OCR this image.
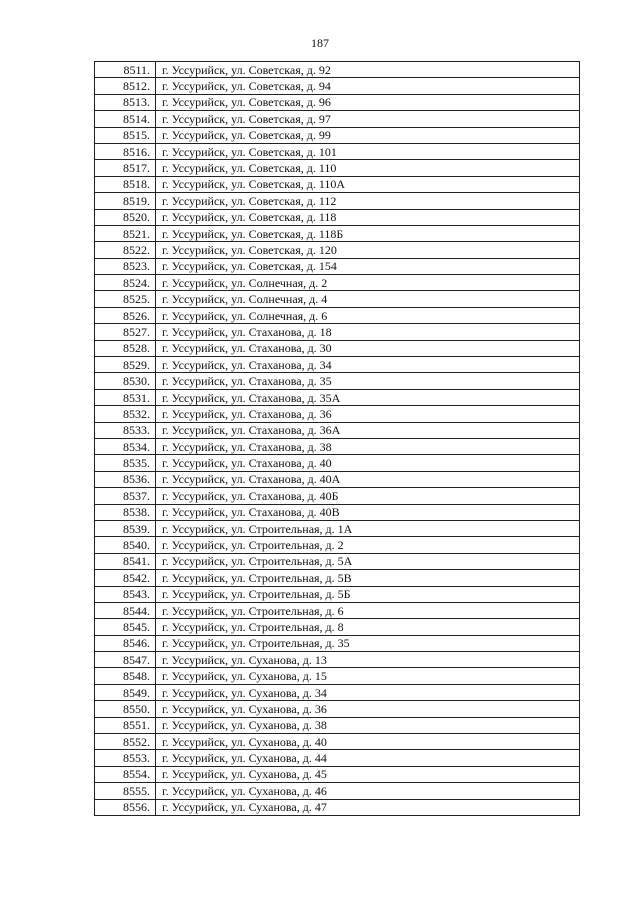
187
8511.	г. Уссурийск, ул. Советская, д. 92
8512.	г. Уссурийск, ул. Советская, д. 94
8513.	г. Уссурийск, ул. Советская, д. 96
8514.	г. Уссурийск, ул. Советская, д. 97
8515.	г. Уссурийск, ул. Советская, д. 99
8516.	г. Уссурийск, ул. Советская, д. 101
8517.	г. Уссурийск, ул. Советская, д. 110
8518.	г. Уссурийск, ул. Советская, д. 110А
8519.	г. Уссурийск, ул. Советская, д. 112
8520.	г. Уссурийск, ул. Советская, д. 118
8521.	г. Уссурийск, ул. Советская, д. 118Б
8522.	г. Уссурийск, ул. Советская, д. 120
8523.	г. Уссурийск, ул. Советская, д. 154
8524.	г. Уссурийск, ул. Солнечная, д. 2
8525.	г. Уссурийск, ул. Солнечная, д. 4
8526.	г. Уссурийск, ул. Солнечная, д. 6
8527.	г. Уссурийск, ул. Стаханова, д. 18
8528.	г. Уссурийск, ул. Стаханова, д. 30
8529.	г. Уссурийск, ул. Стаханова, д. 34
8530.	г. Уссурийск, ул. Стаханова, д. 35
8531.	г. Уссурийск, ул. Стаханова, д. 35А
8532.	г. Уссурийск, ул. Стаханова, д. 36
8533.	г. Уссурийск, ул. Стаханова, д. 36А
8534.	г. Уссурийск, ул. Стаханова, д. 38
8535.	г. Уссурийск, ул. Стаханова, д. 40
8536.	г. Уссурийск, ул. Стаханова, д. 40А
8537.	г. Уссурийск, ул. Стаханова, д. 40Б
8538.	г. Уссурийск, ул. Стаханова, д. 40В
8539.	г. Уссурийск, ул. Строительная, д. 1А
8540.	г. Уссурийск, ул. Строительная, д. 2
8541.	г. Уссурийск, ул. Строительная, д. 5А
8542.	г. Уссурийск, ул. Строительная, д. 5В
8543.	г. Уссурийск, ул. Строительная, д. 5Б
8544.	г. Уссурийск, ул. Строительная, д. 6
8545.	г. Уссурийск, ул. Строительная, д. 8
8546.	г. Уссурийск, ул. Строительная, д. 35
8547.	г. Уссурийск, ул. Суханова, д. 13
8548.	г. Уссурийск, ул. Суханова, д. 15
8549.	г. Уссурийск, ул. Суханова, д. 34
8550.	г. Уссурийск, ул. Суханова, д. 36
8551.	г. Уссурийск, ул. Суханова, д. 38
8552.	г. Уссурийск, ул. Суханова, д. 40
8553.	г. Уссурийск, ул. Суханова, д. 44
8554.	г. Уссурийск, ул. Суханова, д. 45
8555.	г. Уссурийск, ул. Суханова, д. 46
8556.	г. Уссурийск, ул. Суханова, д. 47
